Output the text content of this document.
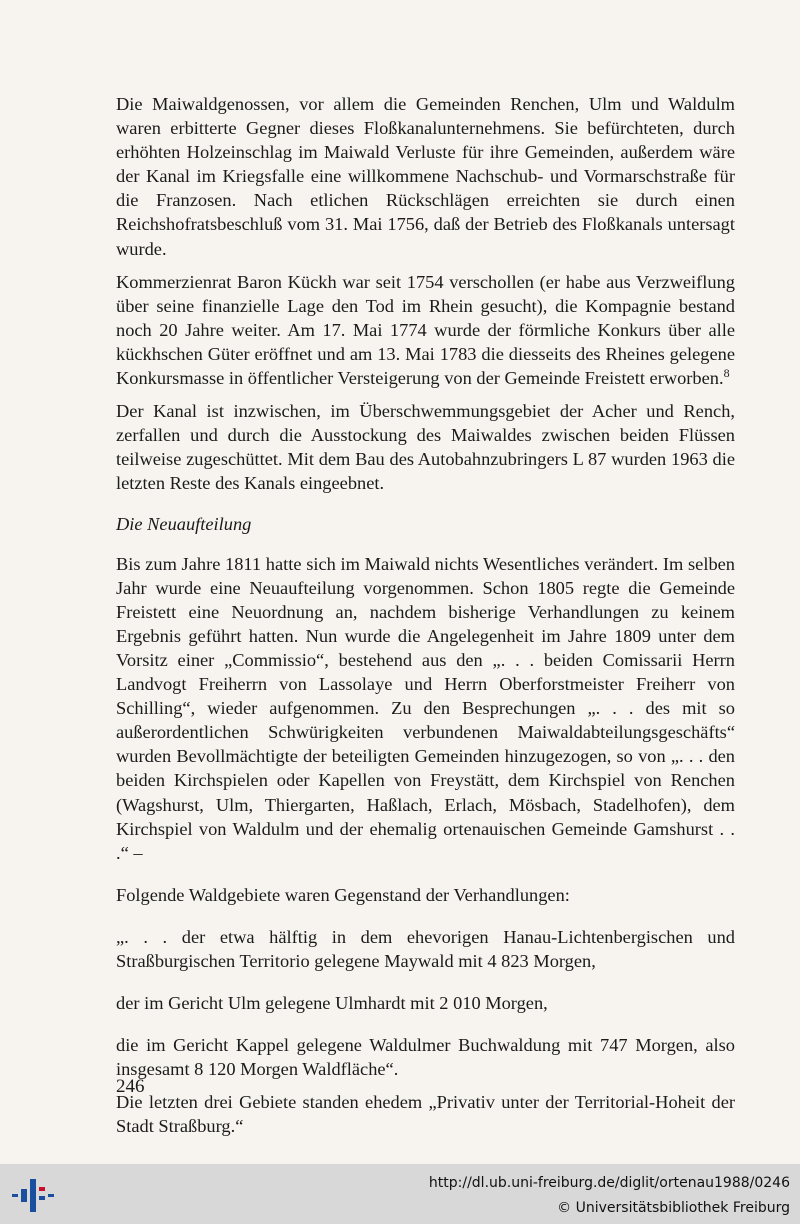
Die Maiwaldgenossen, vor allem die Gemeinden Renchen, Ulm und Waldulm waren erbitterte Gegner dieses Floßkanalunternehmens. Sie befürchteten, durch erhöhten Holzeinschlag im Maiwald Verluste für ihre Gemeinden, außerdem wäre der Kanal im Kriegsfalle eine willkommene Nachschub- und Vormarschstraße für die Franzosen. Nach etlichen Rückschlägen erreichten sie durch einen Reichshofratsbeschluß vom 31. Mai 1756, daß der Betrieb des Floßkanals untersagt wurde.

Kommerzienrat Baron Kückh war seit 1754 verschollen (er habe aus Verzweiflung über seine finanzielle Lage den Tod im Rhein gesucht), die Kompagnie bestand noch 20 Jahre weiter. Am 17. Mai 1774 wurde der förmliche Konkurs über alle kückhschen Güter eröffnet und am 13. Mai 1783 die diesseits des Rheines gelegene Konkursmasse in öffentlicher Versteigerung von der Gemeinde Freistett erworben.$^8$

Der Kanal ist inzwischen, im Überschwemmungsgebiet der Acher und Rench, zerfallen und durch die Ausstockung des Maiwaldes zwischen beiden Flüssen teilweise zugeschüttet. Mit dem Bau des Autobahnzubringers L 87 wurden 1963 die letzten Reste des Kanals eingeebnet.

Die Neuaufteilung

Bis zum Jahre 1811 hatte sich im Maiwald nichts Wesentliches verändert. Im selben Jahr wurde eine Neuaufteilung vorgenommen. Schon 1805 regte die Gemeinde Freistett eine Neuordnung an, nachdem bisherige Verhandlungen zu keinem Ergebnis geführt hatten. Nun wurde die Angelegenheit im Jahre 1809 unter dem Vorsitz einer „Commissio“, bestehend aus den „. . . beiden Comissarii Herrn Landvogt Freiherrn von Lassolaye und Herrn Oberforstmeister Freiherr von Schilling“, wieder aufgenommen. Zu den Besprechungen „. . . des mit so außerordentlichen Schwürigkeiten verbundenen Maiwaldabteilungsgeschäfts“ wurden Bevollmächtigte der beteiligten Gemeinden hinzugezogen, so von „. . . den beiden Kirchspielen oder Kapellen von Freystätt, dem Kirchspiel von Renchen (Wagshurst, Ulm, Thiergarten, Haßlach, Erlach, Mösbach, Stadelhofen), dem Kirchspiel von Waldulm und der ehemalig ortenauischen Gemeinde Gamshurst . . .“ –

Folgende Waldgebiete waren Gegenstand der Verhandlungen:

„. . . der etwa hälftig in dem ehevorigen Hanau-Lichtenbergischen und Straßburgischen Territorio gelegene Maywald mit 4 823 Morgen,

der im Gericht Ulm gelegene Ulmhardt mit 2 010 Morgen,

die im Gericht Kappel gelegene Waldulmer Buchwaldung mit 747 Morgen, also insgesamt 8 120 Morgen Waldfläche“.

Die letzten drei Gebiete standen ehedem „Privativ unter der Territorial-Hoheit der Stadt Straßburg.“

246
http://dl.ub.uni-freiburg.de/diglit/ortenau1988/0246
© Universitätsbibliothek Freiburg
